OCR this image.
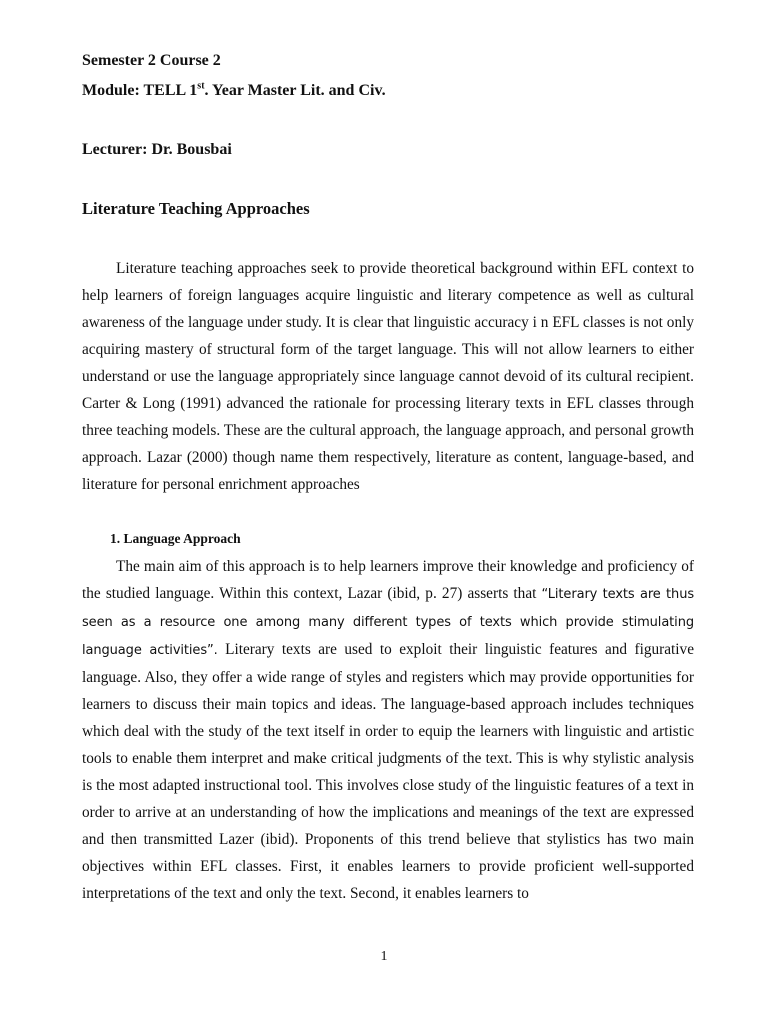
Semester 2 Course 2
Module: TELL 1st. Year Master Lit. and Civ.
Lecturer: Dr. Bousbai
Literature Teaching Approaches
Literature teaching approaches seek to provide theoretical background within EFL context to help learners of foreign languages acquire linguistic and literary competence as well as cultural awareness of the language under study. It is clear that linguistic accuracy i n EFL classes is not only acquiring mastery of structural form of the target language. This will not allow learners to either understand or use the language appropriately since language cannot devoid of its cultural recipient. Carter & Long (1991) advanced the rationale for processing literary texts in EFL classes through three teaching models. These are the cultural approach, the language approach, and personal growth approach. Lazar (2000) though name them respectively, literature as content, language-based, and literature for personal enrichment approaches
1. Language Approach
The main aim of this approach is to help learners improve their knowledge and proficiency of the studied language. Within this context, Lazar (ibid, p. 27) asserts that “Literary texts are thus seen as a resource one among many different types of texts which provide stimulating language activities”. Literary texts are used to exploit their linguistic features and figurative language. Also, they offer a wide range of styles and registers which may provide opportunities for learners to discuss their main topics and ideas. The language-based approach includes techniques which deal with the study of the text itself in order to equip the learners with linguistic and artistic tools to enable them interpret and make critical judgments of the text. This is why stylistic analysis is the most adapted instructional tool. This involves close study of the linguistic features of a text in order to arrive at an understanding of how the implications and meanings of the text are expressed and then transmitted Lazer (ibid). Proponents of this trend believe that stylistics has two main objectives within EFL classes. First, it enables learners to provide proficient well-supported interpretations of the text and only the text. Second, it enables learners to
1
